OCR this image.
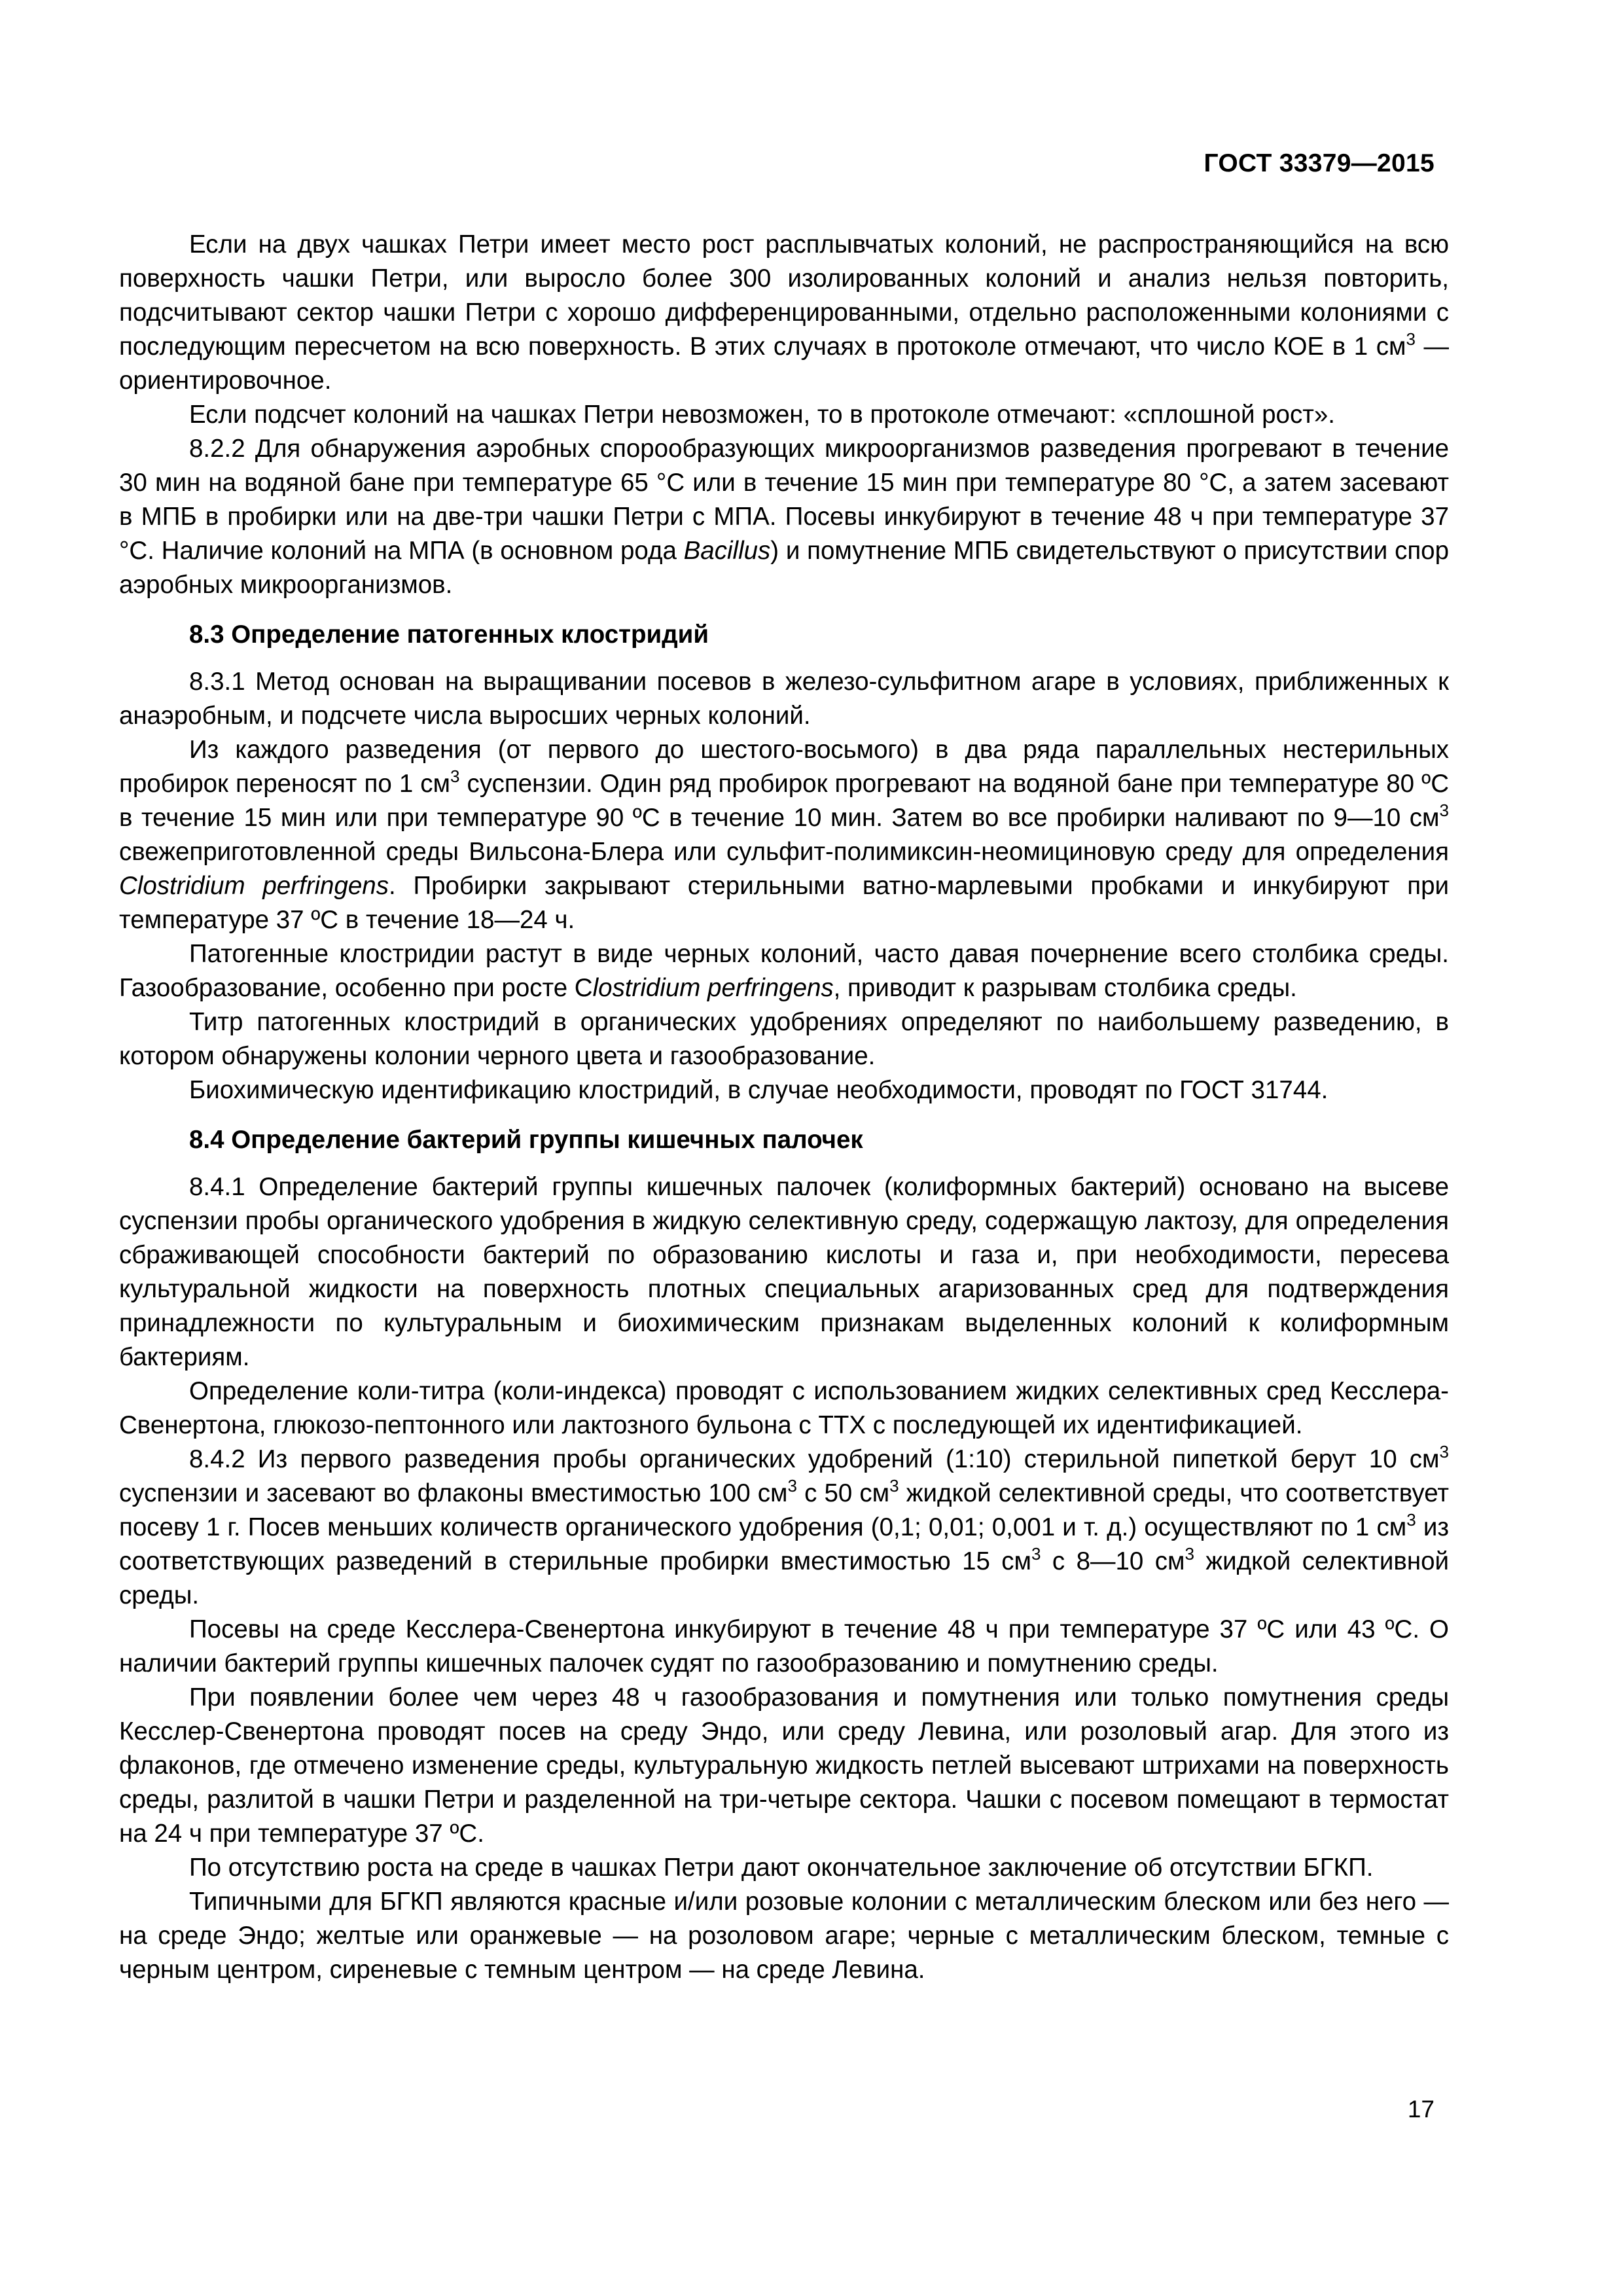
ГОСТ 33379—2015

Если на двух чашках Петри имеет место рост расплывчатых колоний, не распространяющийся на всю поверхность чашки Петри, или выросло более 300 изолированных колоний и анализ нельзя повторить, подсчитывают сектор чашки Петри с хорошо дифференцированными, отдельно расположенными колониями с последующим пересчетом на всю поверхность. В этих случаях в протоколе отмечают, что число КОЕ в 1 $см^3$ — ориентировочное.

Если подсчет колоний на чашках Петри невозможен, то в протоколе отмечают: «сплошной рост».

8.2.2 Для обнаружения аэробных спорообразующих микроорганизмов разведения прогревают в течение 30 мин на водяной бане при температуре 65 °С или в течение 15 мин при температуре 80 °С, а затем засевают в МПБ в пробирки или на две-три чашки Петри с МПА. Посевы инкубируют в течение 48 ч при температуре 37 °С. Наличие колоний на МПА (в основном рода Bacillus) и помутнение МПБ свидетельствуют о присутствии спор аэробных микроорганизмов.

8.3 Определение патогенных клостридий

8.3.1 Метод основан на выращивании посевов в железо-сульфитном агаре в условиях, приближенных к анаэробным, и подсчете числа выросших черных колоний.

Из каждого разведения (от первого до шестого-восьмого) в два ряда параллельных нестерильных пробирок переносят по 1 $см^3$ суспензии. Один ряд пробирок прогревают на водяной бане при температуре 80 ºС в течение 15 мин или при температуре 90 ºС в течение 10 мин. Затем во все пробирки наливают по 9—10 $см^3$ свежеприготовленной среды Вильсона-Блера или сульфит-полимиксин-неомициновую среду для определения Clostridium perfringens. Пробирки закрывают стерильными ватно-марлевыми пробками и инкубируют при температуре 37 ºС в течение 18—24 ч.

Патогенные клостридии растут в виде черных колоний, часто давая почернение всего столбика среды. Газообразование, особенно при росте Clostridium perfringens, приводит к разрывам столбика среды.

Титр патогенных клостридий в органических удобрениях определяют по наибольшему разведению, в котором обнаружены колонии черного цвета и газообразование.

Биохимическую идентификацию клостридий, в случае необходимости, проводят по ГОСТ 31744.

8.4 Определение бактерий группы кишечных палочек

8.4.1 Определение бактерий группы кишечных палочек (колиформных бактерий) основано на высеве суспензии пробы органического удобрения в жидкую селективную среду, содержащую лактозу, для определения сбраживающей способности бактерий по образованию кислоты и газа и, при необходимости, пересева культуральной жидкости на поверхность плотных специальных агаризованных сред для подтверждения принадлежности по культуральным и биохимическим признакам выделенных колоний к колиформным бактериям.

Определение коли-титра (коли-индекса) проводят с использованием жидких селективных сред Кесслера-Свенертона, глюкозо-пептонного или лактозного бульона с ТТХ с последующей их идентификацией.

8.4.2 Из первого разведения пробы органических удобрений (1:10) стерильной пипеткой берут 10 $см^3$ суспензии и засевают во флаконы вместимостью 100 $см^3$ с 50 $см^3$ жидкой селективной среды, что соответствует посеву 1 г. Посев меньших количеств органического удобрения (0,1; 0,01; 0,001 и т. д.) осуществляют по 1 $см^3$ из соответствующих разведений в стерильные пробирки вместимостью 15 $см^3$ с 8—10 $см^3$ жидкой селективной среды.

Посевы на среде Кесслера-Свенертона инкубируют в течение 48 ч при температуре 37 ºС или 43 ºС. О наличии бактерий группы кишечных палочек судят по газообразованию и помутнению среды.

При появлении более чем через 48 ч газообразования и помутнения или только помутнения среды Кесслер-Свенертона проводят посев на среду Эндо, или среду Левина, или розоловый агар. Для этого из флаконов, где отмечено изменение среды, культуральную жидкость петлей высевают штрихами на поверхность среды, разлитой в чашки Петри и разделенной на три-четыре сектора. Чашки с посевом помещают в термостат на 24 ч при температуре 37 ºС.

По отсутствию роста на среде в чашках Петри дают окончательное заключение об отсутствии БГКП.

Типичными для БГКП являются красные и/или розовые колонии с металлическим блеском или без него — на среде Эндо; желтые или оранжевые — на розоловом агаре; черные с металлическим блеском, темные с черным центром, сиреневые с темным центром — на среде Левина.

17
